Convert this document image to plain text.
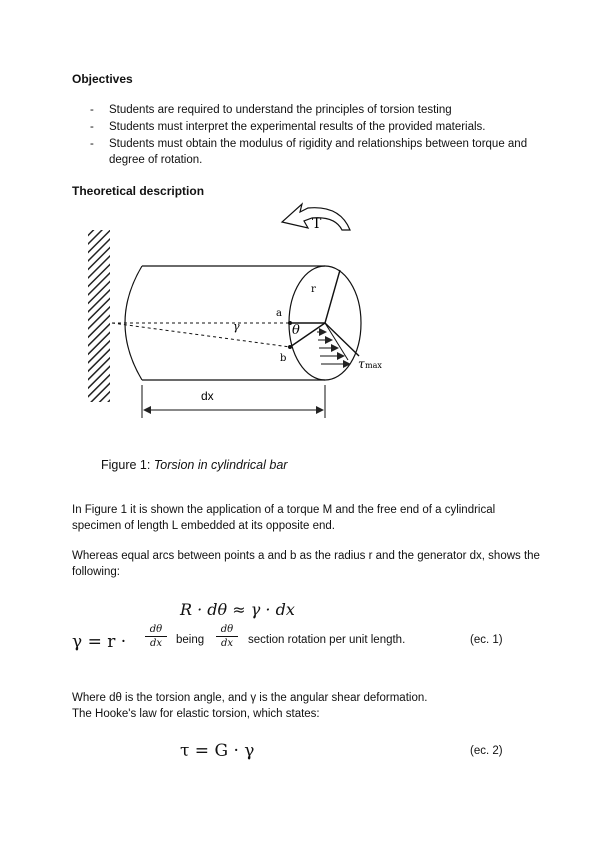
Objectives
- Students are required to understand the principles of torsion testing
- Students must interpret the experimental results of the provided materials.
- Students must obtain the modulus of rigidity and relationships between torque and degree of rotation.
Theoretical description
T
r
a
b
γ	θ
τ max
dx
Figure 1: Torsion in cylindrical bar
In Figure 1 it is shown the application of a torque M and the free end of a cylindrical specimen of length L embedded at its opposite end.
Whereas equal arcs between points a and b as the radius r and the generator dx, shows the following:
R · dθ ≈ γ · dx
$\gamma = r \cdot \frac{d\theta}{dx}$ being $\frac{d\theta}{dx}$ section rotation per unit length.	(ec. 1)
Where dθ is the torsion angle, and γ is the angular shear deformation.
The Hooke's law for elastic torsion, which states:
τ = G · γ	(ec. 2)
